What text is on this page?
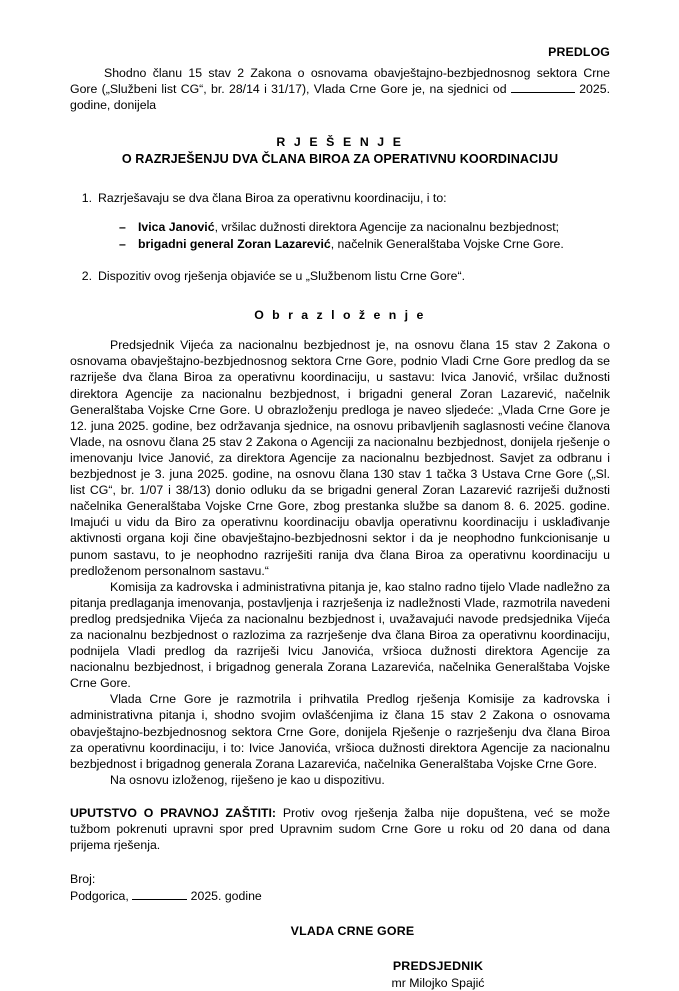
PREDLOG

Shodno članu 15 stav 2 Zakona o osnovama obavještajno-bezbjednosnog sektora Crne Gore („Službeni list CG“, br. 28/14 i 31/17), Vlada Crne Gore je, na sjednici od	2025. godine, donijela

R J E Š E N J E
O RAZRJEŠENJU DVA ČLANA BIROA ZA OPERATIVNU KOORDINACIJU
Razrješavaju se dva člana Biroa za operativnu koordinaciju, i to:
– Ivica Janović, vršilac dužnosti direktora Agencije za nacionalnu bezbjednost;
– brigadni general Zoran Lazarević, načelnik Generalštaba Vojske Crne Gore.
Dispozitiv ovog rješenja objaviće se u „Službenom listu Crne Gore“.
O b r a z l o ž e n j e

Predsjednik Vijeća za nacionalnu bezbjednost je, na osnovu člana 15 stav 2 Zakona o osnovama obavještajno-bezbjednosnog sektora Crne Gore, podnio Vladi Crne Gore predlog da se razriješe dva člana Biroa za operativnu koordinaciju, u sastavu: Ivica Janović, vršilac dužnosti direktora Agencije za nacionalnu bezbjednost, i brigadni general Zoran Lazarević, načelnik Generalštaba Vojske Crne Gore. U obrazloženju predloga je naveo sljedeće: „Vlada Crne Gore je 12. juna 2025. godine, bez održavanja sjednice, na osnovu pribavljenih saglasnosti većine članova Vlade, na osnovu člana 25 stav 2 Zakona o Agenciji za nacionalnu bezbjednost, donijela rješenje o imenovanju Ivice Janović, za direktora Agencije za nacionalnu bezbjednost. Savjet za odbranu i bezbjednost je 3. juna 2025. godine, na osnovu člana 130 stav 1 tačka 3 Ustava Crne Gore („Sl. list CG“, br. 1/07 i 38/13) donio odluku da se brigadni general Zoran Lazarević razriješi dužnosti načelnika Generalštaba Vojske Crne Gore, zbog prestanka službe sa danom 8. 6. 2025. godine. Imajući u vidu da Biro za operativnu koordinaciju obavlja operativnu koordinaciju i usklađivanje aktivnosti organa koji čine obavještajno-bezbjednosni sektor i da je neophodno funkcionisanje u punom sastavu, to je neophodno razriješiti ranija dva člana Biroa za operativnu koordinaciju u predloženom personalnom sastavu.“

Komisija za kadrovska i administrativna pitanja je, kao stalno radno tijelo Vlade nadležno za pitanja predlaganja imenovanja, postavljenja i razrješenja iz nadležnosti Vlade, razmotrila navedeni predlog predsjednika Vijeća za nacionalnu bezbjednost i, uvažavajući navode predsjednika Vijeća za nacionalnu bezbjednost o razlozima za razrješenje dva člana Biroa za operativnu koordinaciju, podnijela Vladi predlog da razriješi Ivicu Janovića, vršioca dužnosti direktora Agencije za nacionalnu bezbjednost, i brigadnog generala Zorana Lazarevića, načelnika Generalštaba Vojske Crne Gore.

Vlada Crne Gore je razmotrila i prihvatila Predlog rješenja Komisije za kadrovska i administrativna pitanja i, shodno svojim ovlašćenjima iz člana 15 stav 2 Zakona o osnovama obavještajno-bezbjednosnog sektora Crne Gore, donijela Rješenje o razrješenju dva člana Biroa za operativnu koordinaciju, i to: Ivice Janovića, vršioca dužnosti direktora Agencije za nacionalnu bezbjednost i brigadnog generala Zorana Lazarevića, načelnika Generalštaba Vojske Crne Gore.

Na osnovu izloženog, riješeno je kao u dispozitivu.

UPUTSTVO O PRAVNOJ ZAŠTITI: Protiv ovog rješenja žalba nije dopuštena, već se može tužbom pokrenuti upravni spor pred Upravnim sudom Crne Gore u roku od 20 dana od dana prijema rješenja.

Broj:
Podgorica,	2025. godine
VLADA CRNE GORE
PREDSJEDNIK
mr Milojko Spajić
